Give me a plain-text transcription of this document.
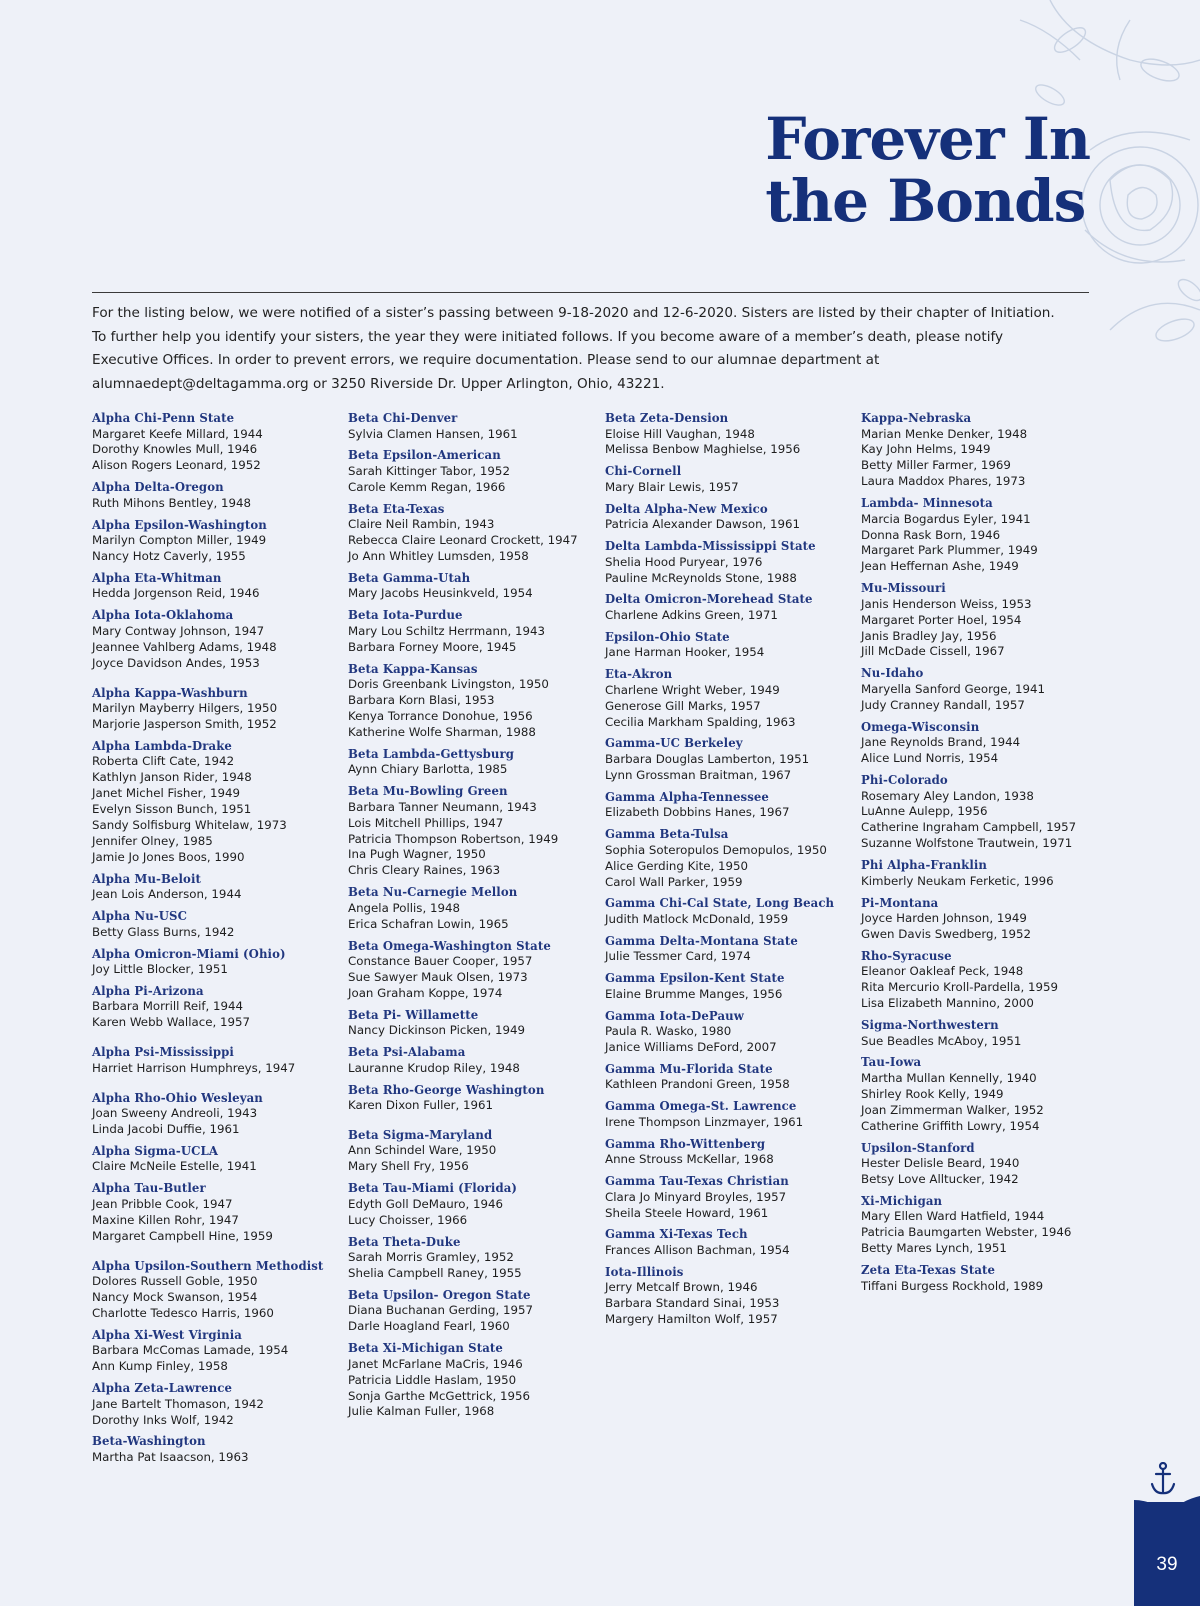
Forever In
the Bonds

For the listing below, we were notified of a sister’s passing between 9-18-2020 and 12-6-2020. Sisters are listed by their chapter of Initiation. To further help you identify your sisters, the year they were initiated follows. If you become aware of a member’s death, please notify Executive Offices. In order to prevent errors, we require documentation. Please send to our alumnae department at alumnaedept@deltagamma.org or 3250 Riverside Dr. Upper Arlington, Ohio, 43221.

Alpha Chi-Penn State
Margaret Keefe Millard, 1944
Dorothy Knowles Mull, 1946
Alison Rogers Leonard, 1952
Alpha Delta-Oregon
Ruth Mihons Bentley, 1948
Alpha Epsilon-Washington
Marilyn Compton Miller, 1949
Nancy Hotz Caverly, 1955
Alpha Eta-Whitman
Hedda Jorgenson Reid, 1946
Alpha Iota-Oklahoma
Mary Contway Johnson, 1947
Jeannee Vahlberg Adams, 1948
Joyce Davidson Andes, 1953
Alpha Kappa-Washburn
Marilyn Mayberry Hilgers, 1950
Marjorie Jasperson Smith, 1952
Alpha Lambda-Drake
Roberta Clift Cate, 1942
Kathlyn Janson Rider, 1948
Janet Michel Fisher, 1949
Evelyn Sisson Bunch, 1951
Sandy Solfisburg Whitelaw, 1973
Jennifer Olney, 1985
Jamie Jo Jones Boos, 1990
Alpha Mu-Beloit
Jean Lois Anderson, 1944
Alpha Nu-USC
Betty Glass Burns, 1942
Alpha Omicron-Miami (Ohio)
Joy Little Blocker, 1951
Alpha Pi-Arizona
Barbara Morrill Reif, 1944
Karen Webb Wallace, 1957
Alpha Psi-Mississippi
Harriet Harrison Humphreys, 1947
Alpha Rho-Ohio Wesleyan
Joan Sweeny Andreoli, 1943
Linda Jacobi Duffie, 1961
Alpha Sigma-UCLA
Claire McNeile Estelle, 1941
Alpha Tau-Butler
Jean Pribble Cook, 1947
Maxine Killen Rohr, 1947
Margaret Campbell Hine, 1959
Alpha Upsilon-Southern Methodist
Dolores Russell Goble, 1950
Nancy Mock Swanson, 1954
Charlotte Tedesco Harris, 1960
Alpha Xi-West Virginia
Barbara McComas Lamade, 1954
Ann Kump Finley, 1958
Alpha Zeta-Lawrence
Jane Bartelt Thomason, 1942
Dorothy Inks Wolf, 1942
Beta-Washington
Martha Pat Isaacson, 1963
Beta Chi-Denver
Sylvia Clamen Hansen, 1961
Beta Epsilon-American
Sarah Kittinger Tabor, 1952
Carole Kemm Regan, 1966
Beta Eta-Texas
Claire Neil Rambin, 1943
Rebecca Claire Leonard Crockett, 1947
Jo Ann Whitley Lumsden, 1958
Beta Gamma-Utah
Mary Jacobs Heusinkveld, 1954
Beta Iota-Purdue
Mary Lou Schiltz Herrmann, 1943
Barbara Forney Moore, 1945
Beta Kappa-Kansas
Doris Greenbank Livingston, 1950
Barbara Korn Blasi, 1953
Kenya Torrance Donohue, 1956
Katherine Wolfe Sharman, 1988
Beta Lambda-Gettysburg
Aynn Chiary Barlotta, 1985
Beta Mu-Bowling Green
Barbara Tanner Neumann, 1943
Lois Mitchell Phillips, 1947
Patricia Thompson Robertson, 1949
Ina Pugh Wagner, 1950
Chris Cleary Raines, 1963
Beta Nu-Carnegie Mellon
Angela Pollis, 1948
Erica Schafran Lowin, 1965
Beta Omega-Washington State
Constance Bauer Cooper, 1957
Sue Sawyer Mauk Olsen, 1973
Joan Graham Koppe, 1974
Beta Pi- Willamette
Nancy Dickinson Picken, 1949
Beta Psi-Alabama
Lauranne Krudop Riley, 1948
Beta Rho-George Washington
Karen Dixon Fuller, 1961
Beta Sigma-Maryland
Ann Schindel Ware, 1950
Mary Shell Fry, 1956
Beta Tau-Miami (Florida)
Edyth Goll DeMauro, 1946
Lucy Choisser, 1966
Beta Theta-Duke
Sarah Morris Gramley, 1952
Shelia Campbell Raney, 1955
Beta Upsilon- Oregon State
Diana Buchanan Gerding, 1957
Darle Hoagland Fearl, 1960
Beta Xi-Michigan State
Janet McFarlane MaCris, 1946
Patricia Liddle Haslam, 1950
Sonja Garthe McGettrick, 1956
Julie Kalman Fuller, 1968
Beta Zeta-Dension
Eloise Hill Vaughan, 1948
Melissa Benbow Maghielse, 1956
Chi-Cornell
Mary Blair Lewis, 1957
Delta Alpha-New Mexico
Patricia Alexander Dawson, 1961
Delta Lambda-Mississippi State
Shelia Hood Puryear, 1976
Pauline McReynolds Stone, 1988
Delta Omicron-Morehead State
Charlene Adkins Green, 1971
Epsilon-Ohio State
Jane Harman Hooker, 1954
Eta-Akron
Charlene Wright Weber, 1949
Generose Gill Marks, 1957
Cecilia Markham Spalding, 1963
Gamma-UC Berkeley
Barbara Douglas Lamberton, 1951
Lynn Grossman Braitman, 1967
Gamma Alpha-Tennessee
Elizabeth Dobbins Hanes, 1967
Gamma Beta-Tulsa
Sophia Soteropulos Demopulos, 1950
Alice Gerding Kite, 1950
Carol Wall Parker, 1959
Gamma Chi-Cal State, Long Beach
Judith Matlock McDonald, 1959
Gamma Delta-Montana State
Julie Tessmer Card, 1974
Gamma Epsilon-Kent State
Elaine Brumme Manges, 1956
Gamma Iota-DePauw
Paula R. Wasko, 1980
Janice Williams DeFord, 2007
Gamma Mu-Florida State
Kathleen Prandoni Green, 1958
Gamma Omega-St. Lawrence
Irene Thompson Linzmayer, 1961
Gamma Rho-Wittenberg
Anne Strouss McKellar, 1968
Gamma Tau-Texas Christian
Clara Jo Minyard Broyles, 1957
Sheila Steele Howard, 1961
Gamma Xi-Texas Tech
Frances Allison Bachman, 1954
Iota-Illinois
Jerry Metcalf Brown, 1946
Barbara Standard Sinai, 1953
Margery Hamilton Wolf, 1957
Kappa-Nebraska
Marian Menke Denker, 1948
Kay John Helms, 1949
Betty Miller Farmer, 1969
Laura Maddox Phares, 1973
Lambda- Minnesota
Marcia Bogardus Eyler, 1941
Donna Rask Born, 1946
Margaret Park Plummer, 1949
Jean Heffernan Ashe, 1949
Mu-Missouri
Janis Henderson Weiss, 1953
Margaret Porter Hoel, 1954
Janis Bradley Jay, 1956
Jill McDade Cissell, 1967
Nu-Idaho
Maryella Sanford George, 1941
Judy Cranney Randall, 1957
Omega-Wisconsin
Jane Reynolds Brand, 1944
Alice Lund Norris, 1954
Phi-Colorado
Rosemary Aley Landon, 1938
LuAnne Aulepp, 1956
Catherine Ingraham Campbell, 1957
Suzanne Wolfstone Trautwein, 1971
Phi Alpha-Franklin
Kimberly Neukam Ferketic, 1996
Pi-Montana
Joyce Harden Johnson, 1949
Gwen Davis Swedberg, 1952
Rho-Syracuse
Eleanor Oakleaf Peck, 1948
Rita Mercurio Kroll-Pardella, 1959
Lisa Elizabeth Mannino, 2000
Sigma-Northwestern
Sue Beadles McAboy, 1951
Tau-Iowa
Martha Mullan Kennelly, 1940
Shirley Rook Kelly, 1949
Joan Zimmerman Walker, 1952
Catherine Griffith Lowry, 1954
Upsilon-Stanford
Hester Delisle Beard, 1940
Betsy Love Alltucker, 1942
Xi-Michigan
Mary Ellen Ward Hatfield, 1944
Patricia Baumgarten Webster, 1946
Betty Mares Lynch, 1951
Zeta Eta-Texas State
Tiffani Burgess Rockhold, 1989
39
